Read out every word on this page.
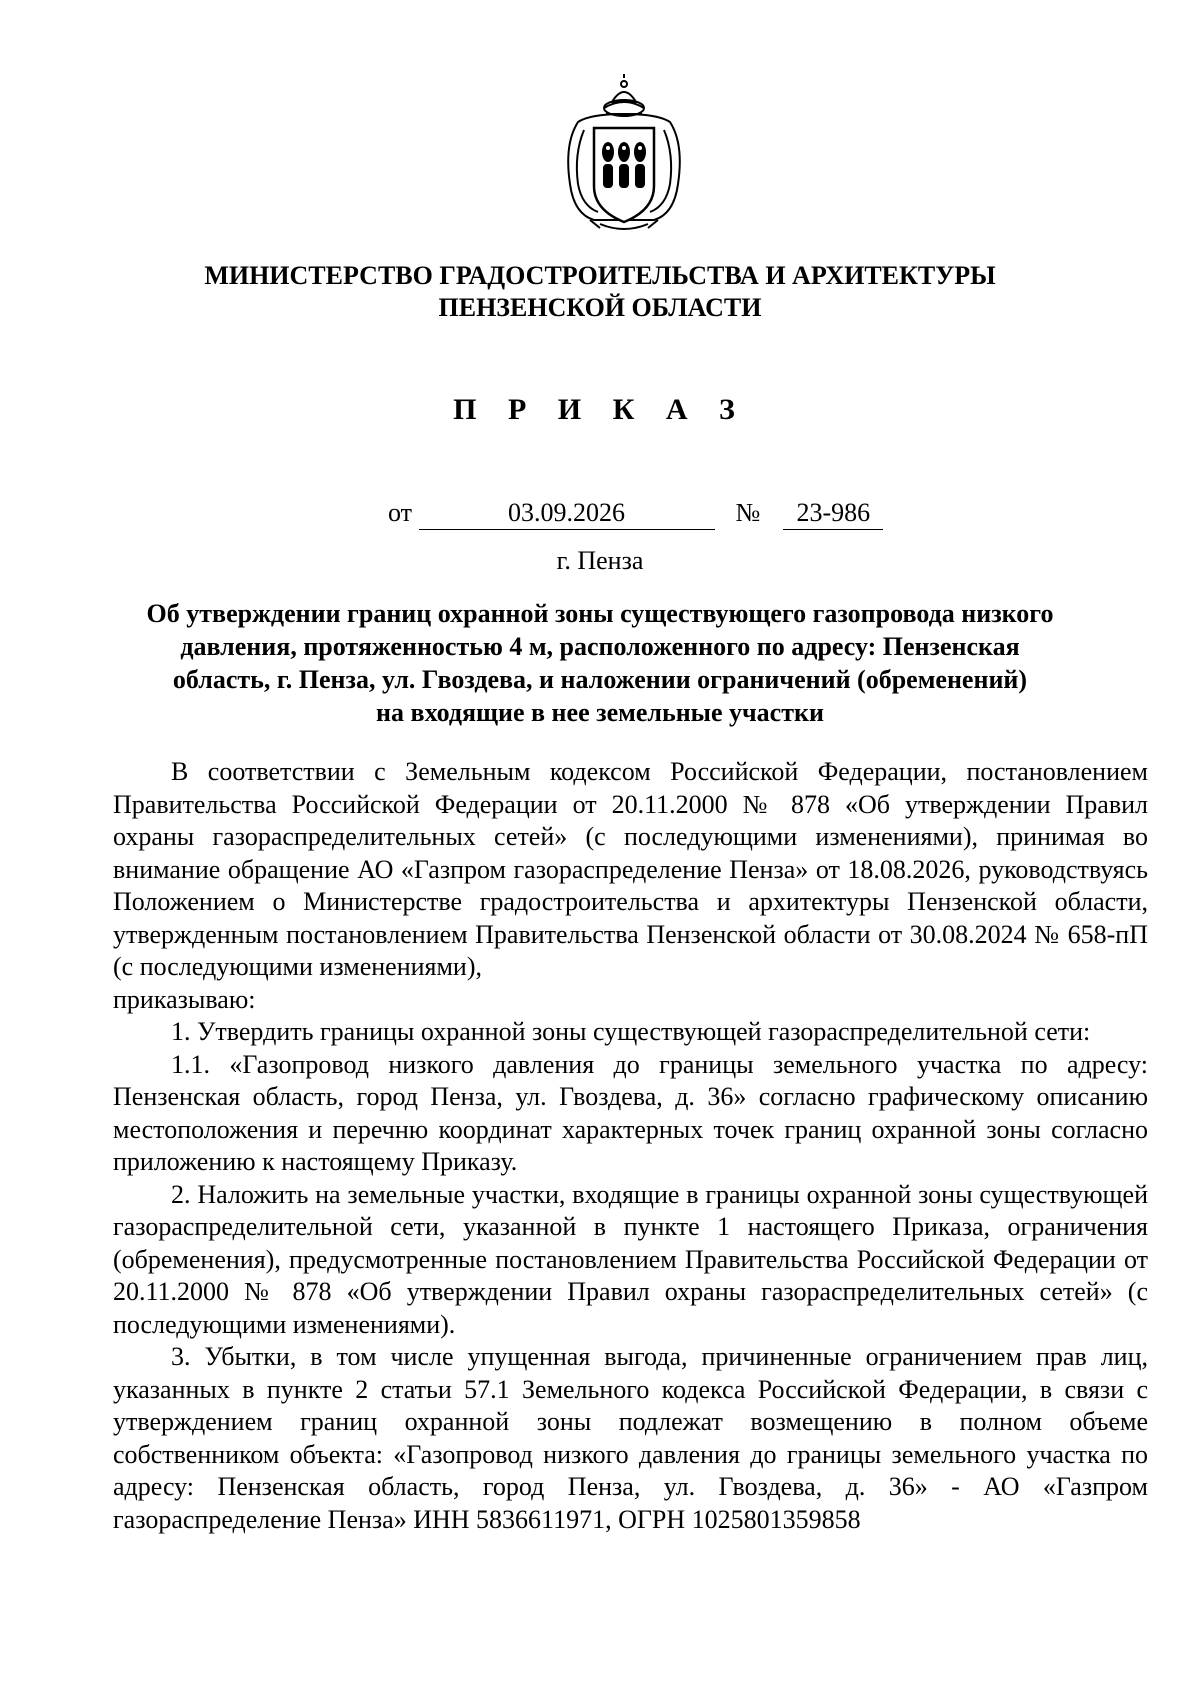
МИНИСТЕРСТВО ГРАДОСТРОИТЕЛЬСТВА И АРХИТЕКТУРЫ
ПЕНЗЕНСКОЙ ОБЛАСТИ
П Р И К А З
от	03.09.2026	№ 23-986
г. Пенза
Об утверждении границ охранной зоны существующего газопровода низкого
давления, протяженностью 4 м, расположенного по адресу: Пензенская
область, г. Пенза, ул. Гвоздева, и наложении ограничений (обременений)
на входящие в нее земельные участки

В соответствии с Земельным кодексом Российской Федерации, постановлением Правительства Российской Федерации от 20.11.2000 № 878 «Об утверждении Правил охраны газораспределительных сетей» (с последующими изменениями), принимая во внимание обращение АО «Газпром газораспределение Пенза» от 18.08.2026, руководствуясь Положением о Министерстве градостроительства и архитектуры Пензенской области, утвержденным постановлением Правительства Пензенской области от 30.08.2024 № 658-пП (с последующими изменениями),

приказываю:

1. Утвердить границы охранной зоны существующей газораспределительной сети:

1.1. «Газопровод низкого давления до границы земельного участка по адресу: Пензенская область, город Пенза, ул. Гвоздева, д. 36» согласно графическому описанию местоположения и перечню координат характерных точек границ охранной зоны согласно приложению к настоящему Приказу.

2. Наложить на земельные участки, входящие в границы охранной зоны существующей газораспределительной сети, указанной в пункте 1 настоящего Приказа, ограничения (обременения), предусмотренные постановлением Правительства Российской Федерации от 20.11.2000 № 878 «Об утверждении Правил охраны газораспределительных сетей» (с последующими изменениями).

3. Убытки, в том числе упущенная выгода, причиненные ограничением прав лиц, указанных в пункте 2 статьи 57.1 Земельного кодекса Российской Федерации, в связи с утверждением границ охранной зоны подлежат возмещению в полном объеме собственником объекта: «Газопровод низкого давления до границы земельного участка по адресу: Пензенская область, город Пенза, ул. Гвоздева, д. 36» - АО «Газпром газораспределение Пенза» ИНН 5836611971, ОГРН 1025801359858
